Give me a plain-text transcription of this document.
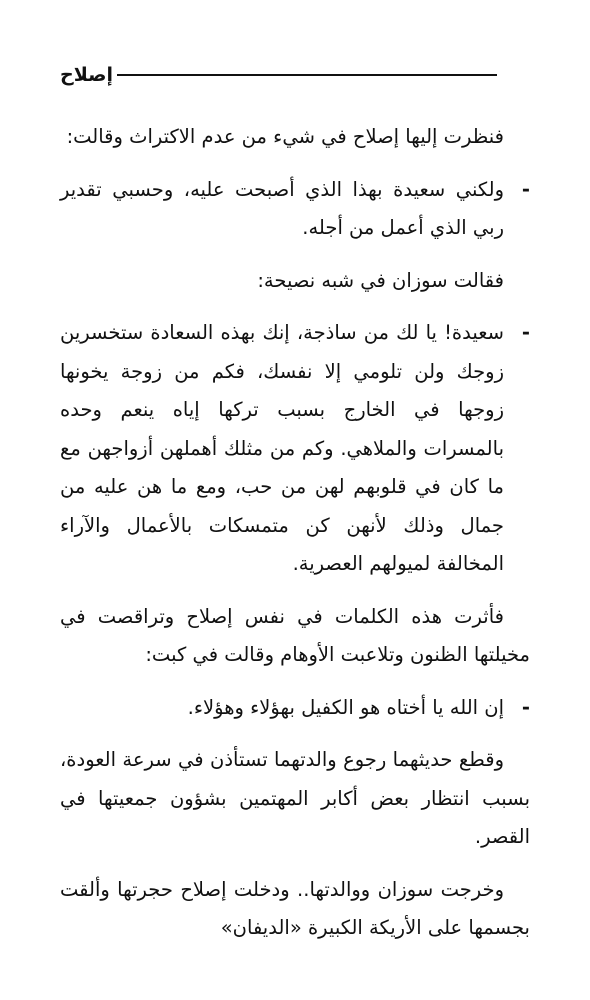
إصلاح

فنظرت إليها إصلاح في شيء من عدم الاكتراث وقالت:

-
ولكني سعيدة بهذا الذي أصبحت عليه، وحسبي تقدير ربي الذي أعمل من أجله.

فقالت سوزان في شبه نصيحة:

-
سعيدة! يا لك من ساذجة، إنك بهذه السعادة ستخسرين زوجك ولن تلومي إلا نفسك، فكم من زوجة يخونها زوجها في الخارج بسبب تركها إياه ينعم وحده بالمسرات والملاهي. وكم من مثلك أهملهن أزواجهن مع ما كان في قلوبهم لهن من حب، ومع ما هن عليه من جمال وذلك لأنهن كن متمسكات بالأعمال والآراء المخالفة لميولهم العصرية.

فأثرت هذه الكلمات في نفس إصلاح وتراقصت في مخيلتها الظنون وتلاعبت الأوهام وقالت في كبت:

-
إن الله يا أختاه هو الكفيل بهؤلاء وهؤلاء.

وقطع حديثهما رجوع والدتهما تستأذن في سرعة العودة، بسبب انتظار بعض أكابر المهتمين بشؤون جمعيتها في القصر.

وخرجت سوزان ووالدتها.. ودخلت إصلاح حجرتها وألقت بجسمها على الأريكة الكبيرة «الديفان»
